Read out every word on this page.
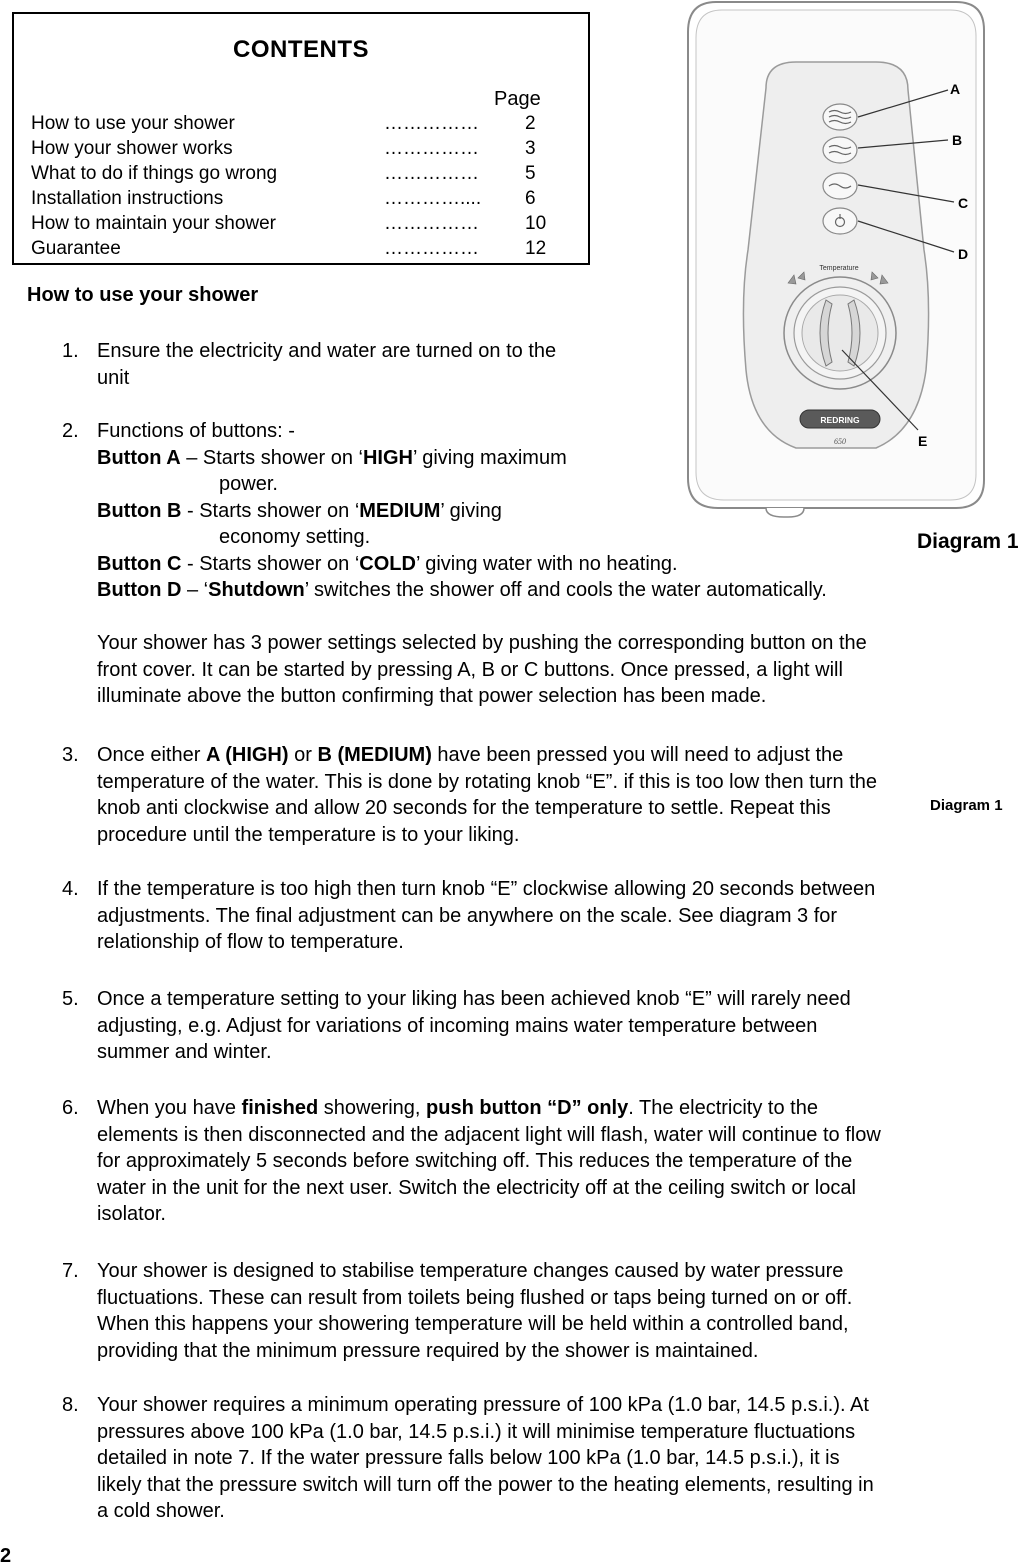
CONTENTS
Page
How to use your shower	…………… 2
How your shower works	…………… 3
What to do if things go wrong	…………… 5
Installation instructions	………….... 6
How to maintain your shower	…………… 10
Guarantee	…………… 12
How to use your shower
1. Ensure the electricity and water are turned on to the
unit
2. Functions of buttons: -
Button A – Starts shower on ‘HIGH’ giving maximum
power.
Button B - Starts shower on ‘MEDIUM’ giving
economy setting.
Button C - Starts shower on ‘COLD’ giving water with no heating.
Button D – ‘Shutdown’ switches the shower off and cools the water automatically.
Your shower has 3 power settings selected by pushing the corresponding button on the
front cover. It can be started by pressing A, B or C buttons. Once pressed, a light will
illuminate above the button confirming that power selection has been made.
3. Once either A (HIGH) or B (MEDIUM) have been pressed you will need to adjust the
temperature of the water. This is done by rotating knob “E”. if this is too low then turn the
knob anti clockwise and allow 20 seconds for the temperature to settle. Repeat this
procedure until the temperature is to your liking.
4. If the temperature is too high then turn knob “E” clockwise allowing 20 seconds between
adjustments. The final adjustment can be anywhere on the scale. See diagram 3 for
relationship of flow to temperature.
5. Once a temperature setting to your liking has been achieved knob “E” will rarely need
adjusting, e.g. Adjust for variations of incoming mains water temperature between
summer and winter.
6. When you have finished showering, push button “D” only. The electricity to the
elements is then disconnected and the adjacent light will flash, water will continue to flow
for approximately 5 seconds before switching off. This reduces the temperature of the
water in the unit for the next user. Switch the electricity off at the ceiling switch or local
isolator.
7. Your shower is designed to stabilise temperature changes caused by water pressure
fluctuations. These can result from toilets being flushed or taps being turned on or off.
When this happens your showering temperature will be held within a controlled band,
providing that the minimum pressure required by the shower is maintained.
8. Your shower requires a minimum operating pressure of 100 kPa (1.0 bar, 14.5 p.s.i.). At
pressures above 100 kPa (1.0 bar, 14.5 p.s.i.) it will minimise temperature fluctuations
detailed in note 7. If the water pressure falls below 100 kPa (1.0 bar, 14.5 p.s.i.), it is
likely that the pressure switch will turn off the power to the heating elements, resulting in
a cold shower.
Temperature
REDRING
650
A
B
C
D
E
Diagram 1
Diagram 1
2
